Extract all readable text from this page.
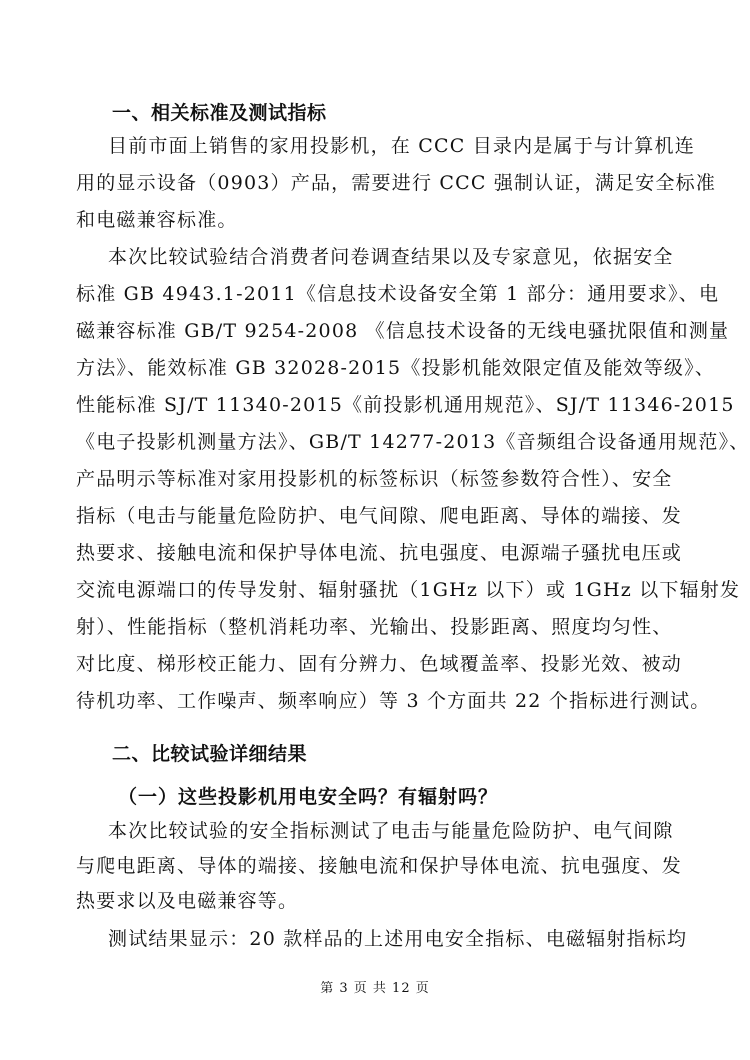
一、相关标准及测试指标
目前市面上销售的家用投影机，在 CCC 目录内是属于与计算机连
用的显示设备（0903）产品，需要进行 CCC 强制认证，满足安全标准
和电磁兼容标准。
本次比较试验结合消费者问卷调查结果以及专家意见，依据安全
标准 GB 4943.1-2011《信息技术设备安全第 1 部分：通用要求》、电
磁兼容标准 GB/T 9254-2008 《信息技术设备的无线电骚扰限值和测量
方法》、能效标准 GB 32028-2015《投影机能效限定值及能效等级》、
性能标准 SJ/T 11340-2015《前投影机通用规范》、SJ/T 11346-2015
《电子投影机测量方法》、GB/T 14277-2013《音频组合设备通用规范》、
产品明示等标准对家用投影机的标签标识（标签参数符合性）、安全
指标（电击与能量危险防护、电气间隙、爬电距离、导体的端接、发
热要求、接触电流和保护导体电流、抗电强度、电源端子骚扰电压或
交流电源端口的传导发射、辐射骚扰（1GHz 以下）或 1GHz 以下辐射发
射）、性能指标（整机消耗功率、光输出、投影距离、照度均匀性、
对比度、梯形校正能力、固有分辨力、色域覆盖率、投影光效、被动
待机功率、工作噪声、频率响应）等 3 个方面共 22 个指标进行测试。
二、比较试验详细结果
（一）这些投影机用电安全吗？有辐射吗？
本次比较试验的安全指标测试了电击与能量危险防护、电气间隙
与爬电距离、导体的端接、接触电流和保护导体电流、抗电强度、发
热要求以及电磁兼容等。
测试结果显示：20 款样品的上述用电安全指标、电磁辐射指标均
第 3 页 共 12 页
